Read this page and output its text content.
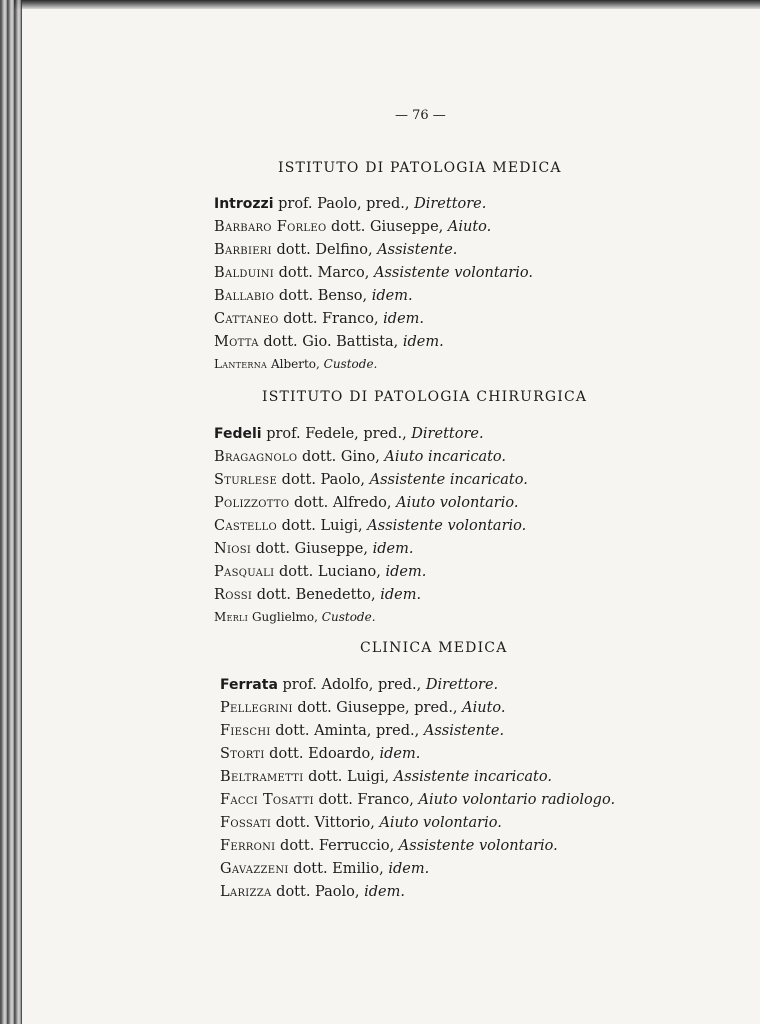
— 76 —
ISTITUTO DI PATOLOGIA MEDICA
Introzzi prof. Paolo, pred., Direttore.
Barbaro Forleo dott. Giuseppe, Aiuto.
Barbieri dott. Delfino, Assistente.
Balduini dott. Marco, Assistente volontario.
Ballabio dott. Benso, idem.
Cattaneo dott. Franco, idem.
Motta dott. Gio. Battista, idem.
Lanterna Alberto, Custode.
ISTITUTO DI PATOLOGIA CHIRURGICA
Fedeli prof. Fedele, pred., Direttore.
Bragagnolo dott. Gino, Aiuto incaricato.
Sturlese dott. Paolo, Assistente incaricato.
Polizzotto dott. Alfredo, Aiuto volontario.
Castello dott. Luigi, Assistente volontario.
Niosi dott. Giuseppe, idem.
Pasquali dott. Luciano, idem.
Rossi dott. Benedetto, idem.
Merli Guglielmo, Custode.
CLINICA MEDICA
Ferrata prof. Adolfo, pred., Direttore.
Pellegrini dott. Giuseppe, pred., Aiuto.
Fieschi dott. Aminta, pred., Assistente.
Storti dott. Edoardo, idem.
Beltrametti dott. Luigi, Assistente incaricato.
Facci Tosatti dott. Franco, Aiuto volontario radiologo.
Fossati dott. Vittorio, Aiuto volontario.
Ferroni dott. Ferruccio, Assistente volontario.
Gavazzeni dott. Emilio, idem.
Larizza dott. Paolo, idem.
